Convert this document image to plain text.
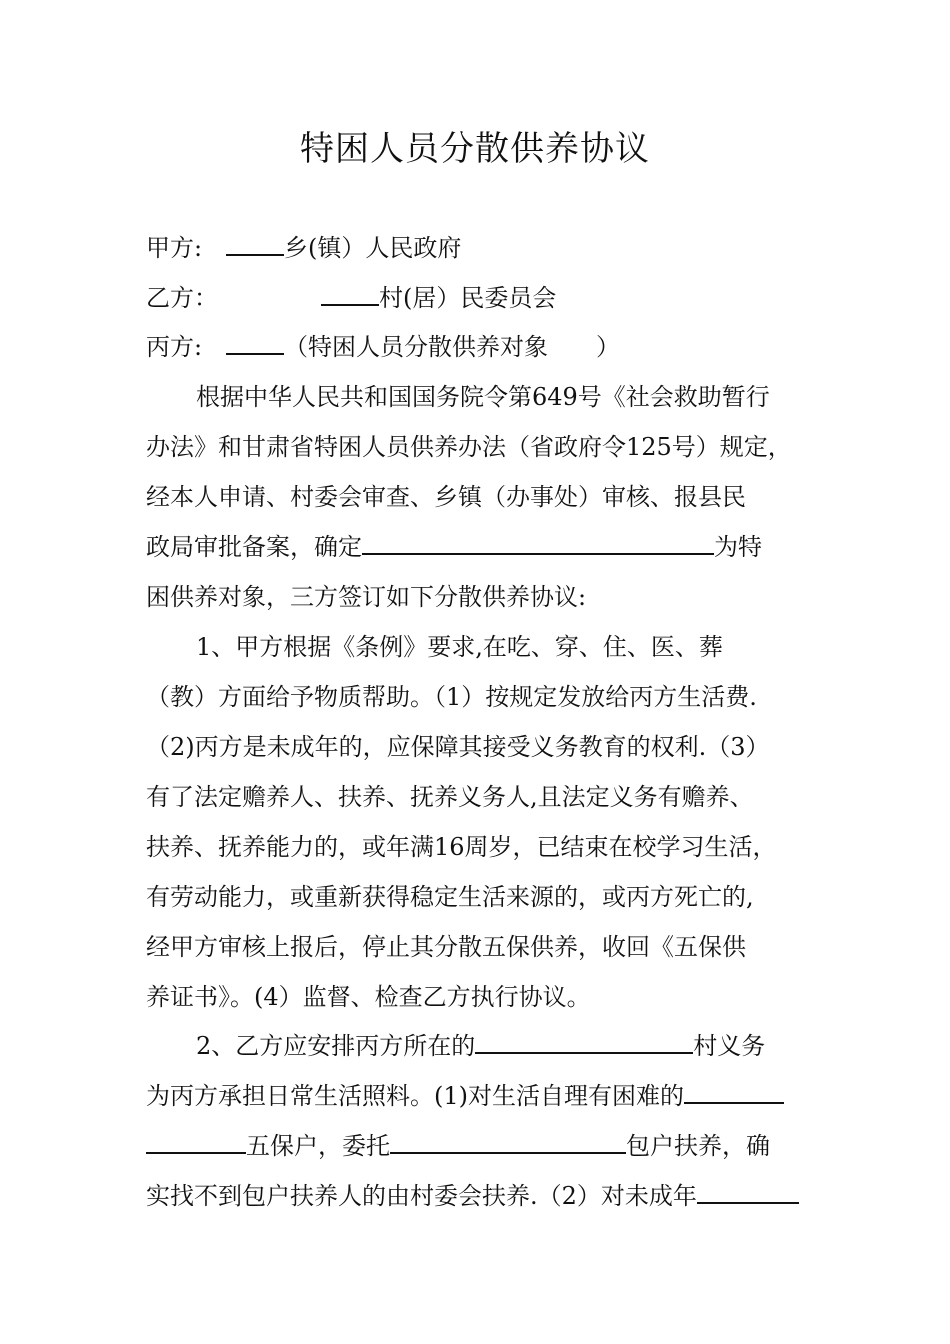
特困人员分散供养协议
甲方:	乡(镇）人民政府
乙方：	村(居）民委员会
丙方:	（特困人员分散供养对象 ）
根据中华人民共和国国务院令第649号《社会救助暂行
办法》和甘肃省特困人员供养办法（省政府令125号）规定，
经本人申请、村委会审查、乡镇（办事处）审核、报县民
政局审批备案，确定	为特
困供养对象，三方签订如下分散供养协议:
1、甲方根据《条例》要求,在吃、穿、住、医、葬
（教）方面给予物质帮助。（1）按规定发放给丙方生活费.
（2)丙方是未成年的，应保障其接受义务教育的权利.（3）
有了法定赡养人、扶养、抚养义务人,且法定义务有赡养、
扶养、抚养能力的，或年满16周岁，已结束在校学习生活，
有劳动能力，或重新获得稳定生活来源的，或丙方死亡的,
经甲方审核上报后，停止其分散五保供养，收回《五保供
养证书》。(4）监督、检查乙方执行协议。
2、乙方应安排丙方所在的	村义务
为丙方承担日常生活照料。(1)对生活自理有困难的
五保户，委托	包户扶养，确
实找不到包户扶养人的由村委会扶养.（2）对未成年
